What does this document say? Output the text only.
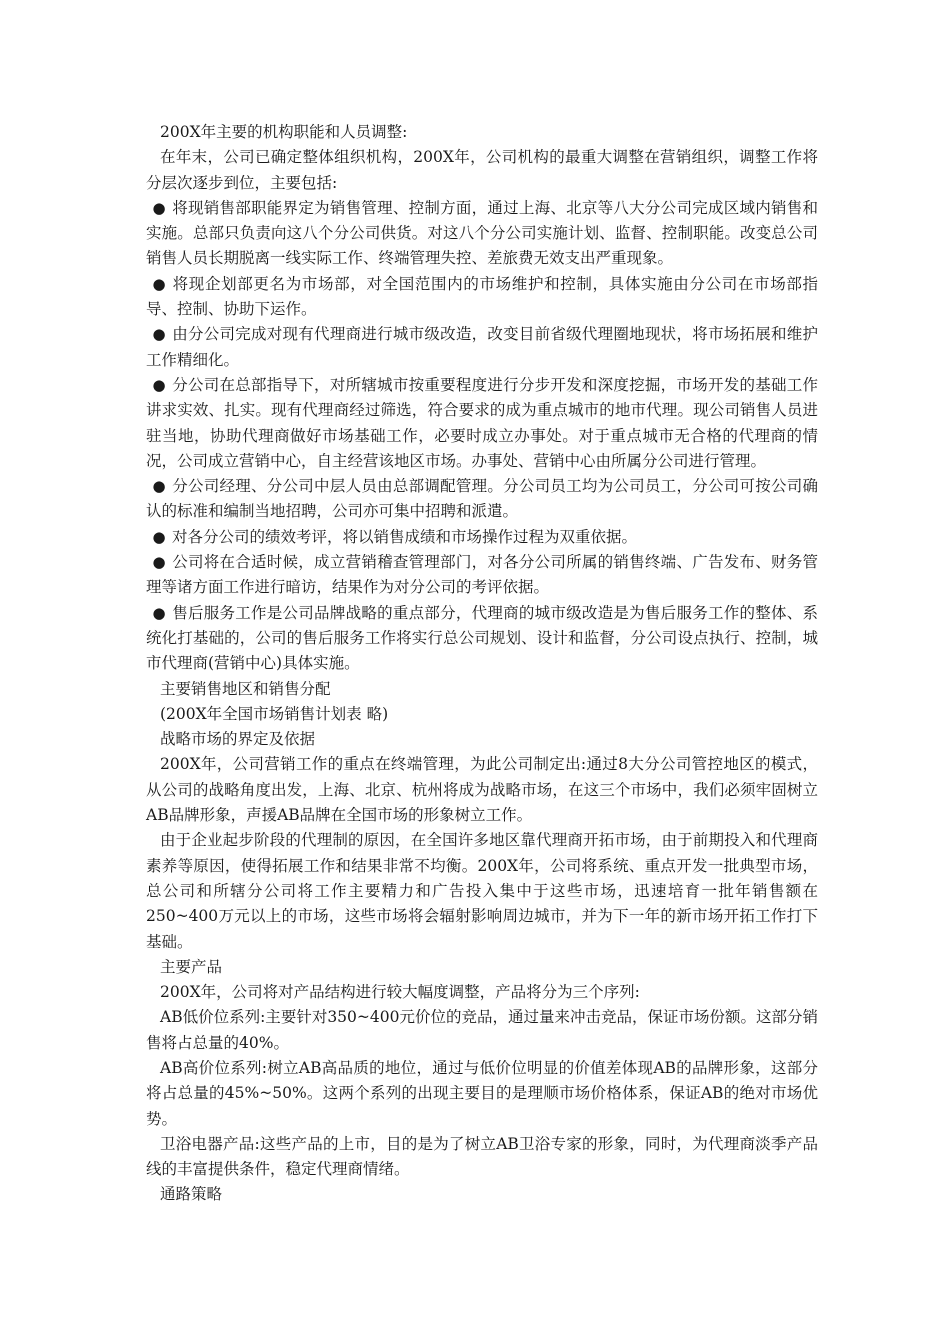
200X年主要的机构职能和人员调整:

在年末，公司已确定整体组织机构，200X年，公司机构的最重大调整在营销组织，调整工作将分层次逐步到位，主要包括:

● 将现销售部职能界定为销售管理、控制方面，通过上海、北京等八大分公司完成区域内销售和实施。总部只负责向这八个分公司供货。对这八个分公司实施计划、监督、控制职能。改变总公司销售人员长期脱离一线实际工作、终端管理失控、差旅费无效支出严重现象。

● 将现企划部更名为市场部，对全国范围内的市场维护和控制，具体实施由分公司在市场部指导、控制、协助下运作。

● 由分公司完成对现有代理商进行城市级改造，改变目前省级代理圈地现状，将市场拓展和维护工作精细化。

● 分公司在总部指导下，对所辖城市按重要程度进行分步开发和深度挖掘，市场开发的基础工作讲求实效、扎实。现有代理商经过筛选，符合要求的成为重点城市的地市代理。现公司销售人员进驻当地，协助代理商做好市场基础工作，必要时成立办事处。对于重点城市无合格的代理商的情况，公司成立营销中心，自主经营该地区市场。办事处、营销中心由所属分公司进行管理。

● 分公司经理、分公司中层人员由总部调配管理。分公司员工均为公司员工，分公司可按公司确认的标准和编制当地招聘，公司亦可集中招聘和派遣。

● 对各分公司的绩效考评，将以销售成绩和市场操作过程为双重依据。

● 公司将在合适时候，成立营销稽查管理部门，对各分公司所属的销售终端、广告发布、财务管理等诸方面工作进行暗访，结果作为对分公司的考评依据。

● 售后服务工作是公司品牌战略的重点部分，代理商的城市级改造是为售后服务工作的整体、系统化打基础的，公司的售后服务工作将实行总公司规划、设计和监督，分公司设点执行、控制，城市代理商(营销中心)具体实施。

主要销售地区和销售分配

(200X年全国市场销售计划表 略)

战略市场的界定及依据

200X年，公司营销工作的重点在终端管理，为此公司制定出:通过8大分公司管控地区的模式，从公司的战略角度出发，上海、北京、杭州将成为战略市场，在这三个市场中，我们必须牢固树立AB品牌形象，声援AB品牌在全国市场的形象树立工作。

由于企业起步阶段的代理制的原因，在全国许多地区靠代理商开拓市场，由于前期投入和代理商素养等原因，使得拓展工作和结果非常不均衡。200X年，公司将系统、重点开发一批典型市场，总公司和所辖分公司将工作主要精力和广告投入集中于这些市场，迅速培育一批年销售额在250~400万元以上的市场，这些市场将会辐射影响周边城市，并为下一年的新市场开拓工作打下基础。

主要产品

200X年，公司将对产品结构进行较大幅度调整，产品将分为三个序列:

AB低价位系列:主要针对350~400元价位的竞品，通过量来冲击竞品，保证市场份额。这部分销售将占总量的40%。

AB高价位系列:树立AB高品质的地位，通过与低价位明显的价值差体现AB的品牌形象，这部分将占总量的45%~50%。这两个系列的出现主要目的是理顺市场价格体系，保证AB的绝对市场优势。

卫浴电器产品:这些产品的上市，目的是为了树立AB卫浴专家的形象，同时，为代理商淡季产品线的丰富提供条件，稳定代理商情绪。

通路策略
